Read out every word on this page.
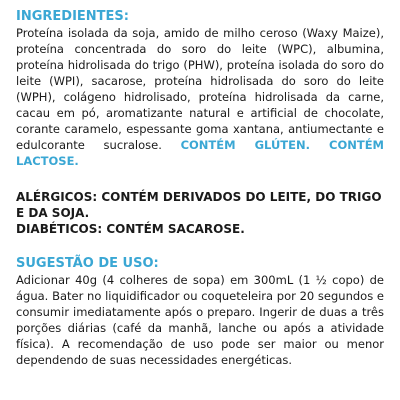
INGREDIENTES:

Proteína isolada da soja, amido de milho ceroso (Waxy Maize), proteína concentrada do soro do leite (WPC), albumina, proteína hidrolisada do trigo (PHW), proteína isolada do soro do leite (WPI), sacarose, proteína hidrolisada do soro do leite (WPH), colágeno hidrolisado, proteína hidrolisada da carne, cacau em pó, aromatizante natural e artificial de chocolate, corante caramelo, espessante goma xantana, antiumectante e edulcorante sucralose. CONTÉM GLÚTEN. CONTÉM LACTOSE.

ALÉRGICOS: CONTÉM DERIVADOS DO LEITE, DO TRIGO E DA SOJA.

DIABÉTICOS: CONTÉM SACAROSE.

SUGESTÃO DE USO:

Adicionar 40g (4 colheres de sopa) em 300mL (1 ½ copo) de água. Bater no liquidificador ou coqueteleira por 20 segundos e consumir imediatamente após o preparo. Ingerir de duas a três porções diárias (café da manhã, lanche ou após a atividade física). A recomendação de uso pode ser maior ou menor dependendo de suas necessidades energéticas.
